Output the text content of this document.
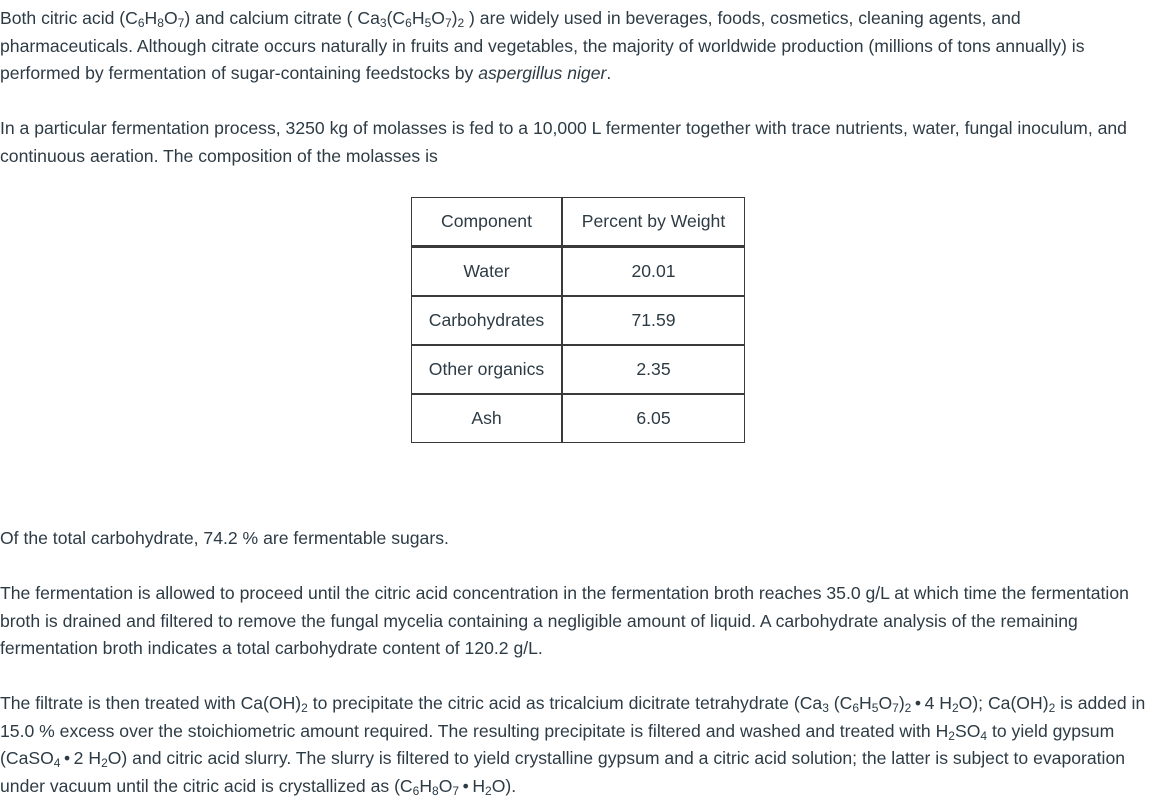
Both citric acid $(C_6H_8O_7)$ and calcium citrate ( $Ca_3(C_6H_5O_7)_2$ ) are widely used in beverages, foods, cosmetics, cleaning agents, and pharmaceuticals. Although citrate occurs naturally in fruits and vegetables, the majority of worldwide production (millions of tons annually) is performed by fermentation of sugar-containing feedstocks by aspergillus niger.

In a particular fermentation process, 3250 kg of molasses is fed to a 10,000 L fermenter together with trace nutrients, water, fungal inoculum, and continuous aeration. The composition of the molasses is

Component	Percent by Weight
Water	20.01
Carbohydrates	71.59
Other organics	2.35
Ash	6.05

Of the total carbohydrate, 74.2 % are fermentable sugars.

The fermentation is allowed to proceed until the citric acid concentration in the fermentation broth reaches 35.0 g/L at which time the fermentation broth is drained and filtered to remove the fungal mycelia containing a negligible amount of liquid. A carbohydrate analysis of the remaining fermentation broth indicates a total carbohydrate content of 120.2 g/L.

The filtrate is then treated with $Ca(OH)_2$ to precipitate the citric acid as tricalcium dicitrate tetrahydrate ($Ca_3$ $(C_6H_5O_7)_2$ • 4 $H_2O$); $Ca(OH)_2$ is added in 15.0 % excess over the stoichiometric amount required. The resulting precipitate is filtered and washed and treated with $H_2SO_4$ to yield gypsum (CaSO$_4$ • 2 $H_2O$) and citric acid slurry. The slurry is filtered to yield crystalline gypsum and a citric acid solution; the latter is subject to evaporation under vacuum until the citric acid is crystallized as ($C_6H_8O_7$ • $H_2O$).
